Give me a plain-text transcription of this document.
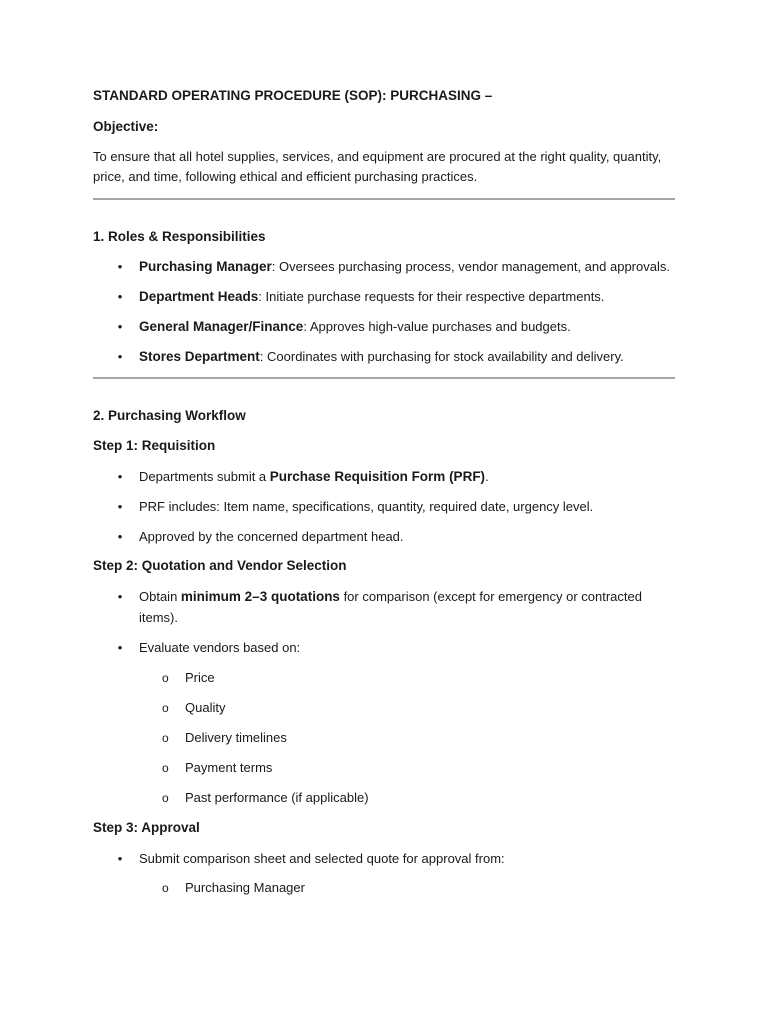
STANDARD OPERATING PROCEDURE (SOP): PURCHASING –

Objective:

To ensure that all hotel supplies, services, and equipment are procured at the right quality, quantity, price, and time, following ethical and efficient purchasing practices.

1. Roles & Responsibilities

• Purchasing Manager: Oversees purchasing process, vendor management, and approvals.
• Department Heads: Initiate purchase requests for their respective departments.
• General Manager/Finance: Approves high-value purchases and budgets.
• Stores Department: Coordinates with purchasing for stock availability and delivery.

2. Purchasing Workflow

Step 1: Requisition

• Departments submit a Purchase Requisition Form (PRF).
• PRF includes: Item name, specifications, quantity, required date, urgency level.
• Approved by the concerned department head.

Step 2: Quotation and Vendor Selection

• Obtain minimum 2–3 quotations for comparison (except for emergency or contracted items).
• Evaluate vendors based on:
o Price
o Quality
o Delivery timelines
o Payment terms
o Past performance (if applicable)

Step 3: Approval

• Submit comparison sheet and selected quote for approval from:
o Purchasing Manager
